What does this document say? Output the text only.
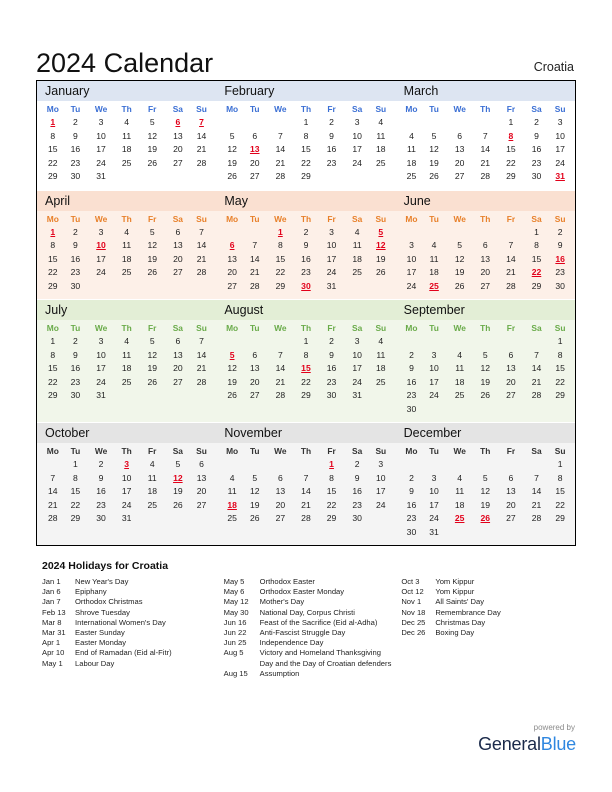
2024 Calendar	Croatia
January
Mo	Tu	We	Th	Fr	Sa	Su
1	2	3	4	5	6	7
8	9	10	11	12	13	14
15	16	17	18	19	20	21
22	23	24	25	26	27	28
29	30	31				
February
Mo	Tu	We	Th	Fr	Sa	Su
			1	2	3	4
5	6	7	8	9	10	11
12	13	14	15	16	17	18
19	20	21	22	23	24	25
26	27	28	29			
March
Mo	Tu	We	Th	Fr	Sa	Su
				1	2	3
4	5	6	7	8	9	10
11	12	13	14	15	16	17
18	19	20	21	22	23	24
25	26	27	28	29	30	31
April
Mo	Tu	We	Th	Fr	Sa	Su
1	2	3	4	5	6	7
8	9	10	11	12	13	14
15	16	17	18	19	20	21
22	23	24	25	26	27	28
29	30					
May
Mo	Tu	We	Th	Fr	Sa	Su
		1	2	3	4	5
6	7	8	9	10	11	12
13	14	15	16	17	18	19
20	21	22	23	24	25	26
27	28	29	30	31		
June
Mo	Tu	We	Th	Fr	Sa	Su
					1	2
3	4	5	6	7	8	9
10	11	12	13	14	15	16
17	18	19	20	21	22	23
24	25	26	27	28	29	30
July
Mo	Tu	We	Th	Fr	Sa	Su
1	2	3	4	5	6	7
8	9	10	11	12	13	14
15	16	17	18	19	20	21
22	23	24	25	26	27	28
29	30	31				
August
Mo	Tu	We	Th	Fr	Sa	Su
			1	2	3	4
5	6	7	8	9	10	11
12	13	14	15	16	17	18
19	20	21	22	23	24	25
26	27	28	29	30	31	
September
Mo	Tu	We	Th	Fr	Sa	Su
						1
2	3	4	5	6	7	8
9	10	11	12	13	14	15
16	17	18	19	20	21	22
23	24	25	26	27	28	29
30						
October
Mo	Tu	We	Th	Fr	Sa	Su
	1	2	3	4	5	6
7	8	9	10	11	12	13
14	15	16	17	18	19	20
21	22	23	24	25	26	27
28	29	30	31			
November
Mo	Tu	We	Th	Fr	Sa	Su
				1	2	3
4	5	6	7	8	9	10
11	12	13	14	15	16	17
18	19	20	21	22	23	24
25	26	27	28	29	30	
December
Mo	Tu	We	Th	Fr	Sa	Su
						1
2	3	4	5	6	7	8
9	10	11	12	13	14	15
16	17	18	19	20	21	22
23	24	25	26	27	28	29
30	31					
2024 Holidays for Croatia
Jan 1	New Year's Day
Jan 6	Epiphany
Jan 7	Orthodox Christmas
Feb 13	Shrove Tuesday
Mar 8	International Women's Day
Mar 31	Easter Sunday
Apr 1	Easter Monday
Apr 10	End of Ramadan (Eid al-Fitr)
May 1	Labour Day
May 5	Orthodox Easter
May 6	Orthodox Easter Monday
May 12	Mother's Day
May 30	National Day, Corpus Christi
Jun 16	Feast of the Sacrifice (Eid al-Adha)
Jun 22	Anti-Fascist Struggle Day
Jun 25	Independence Day
Aug 5	Victory and Homeland Thanksgiving Day and the Day of Croatian defenders
Aug 15	Assumption
Oct 3	Yom Kippur
Oct 12	Yom Kippur
Nov 1	All Saints' Day
Nov 18	Remembrance Day
Dec 25	Christmas Day
Dec 26	Boxing Day
powered by
GeneralBlue
